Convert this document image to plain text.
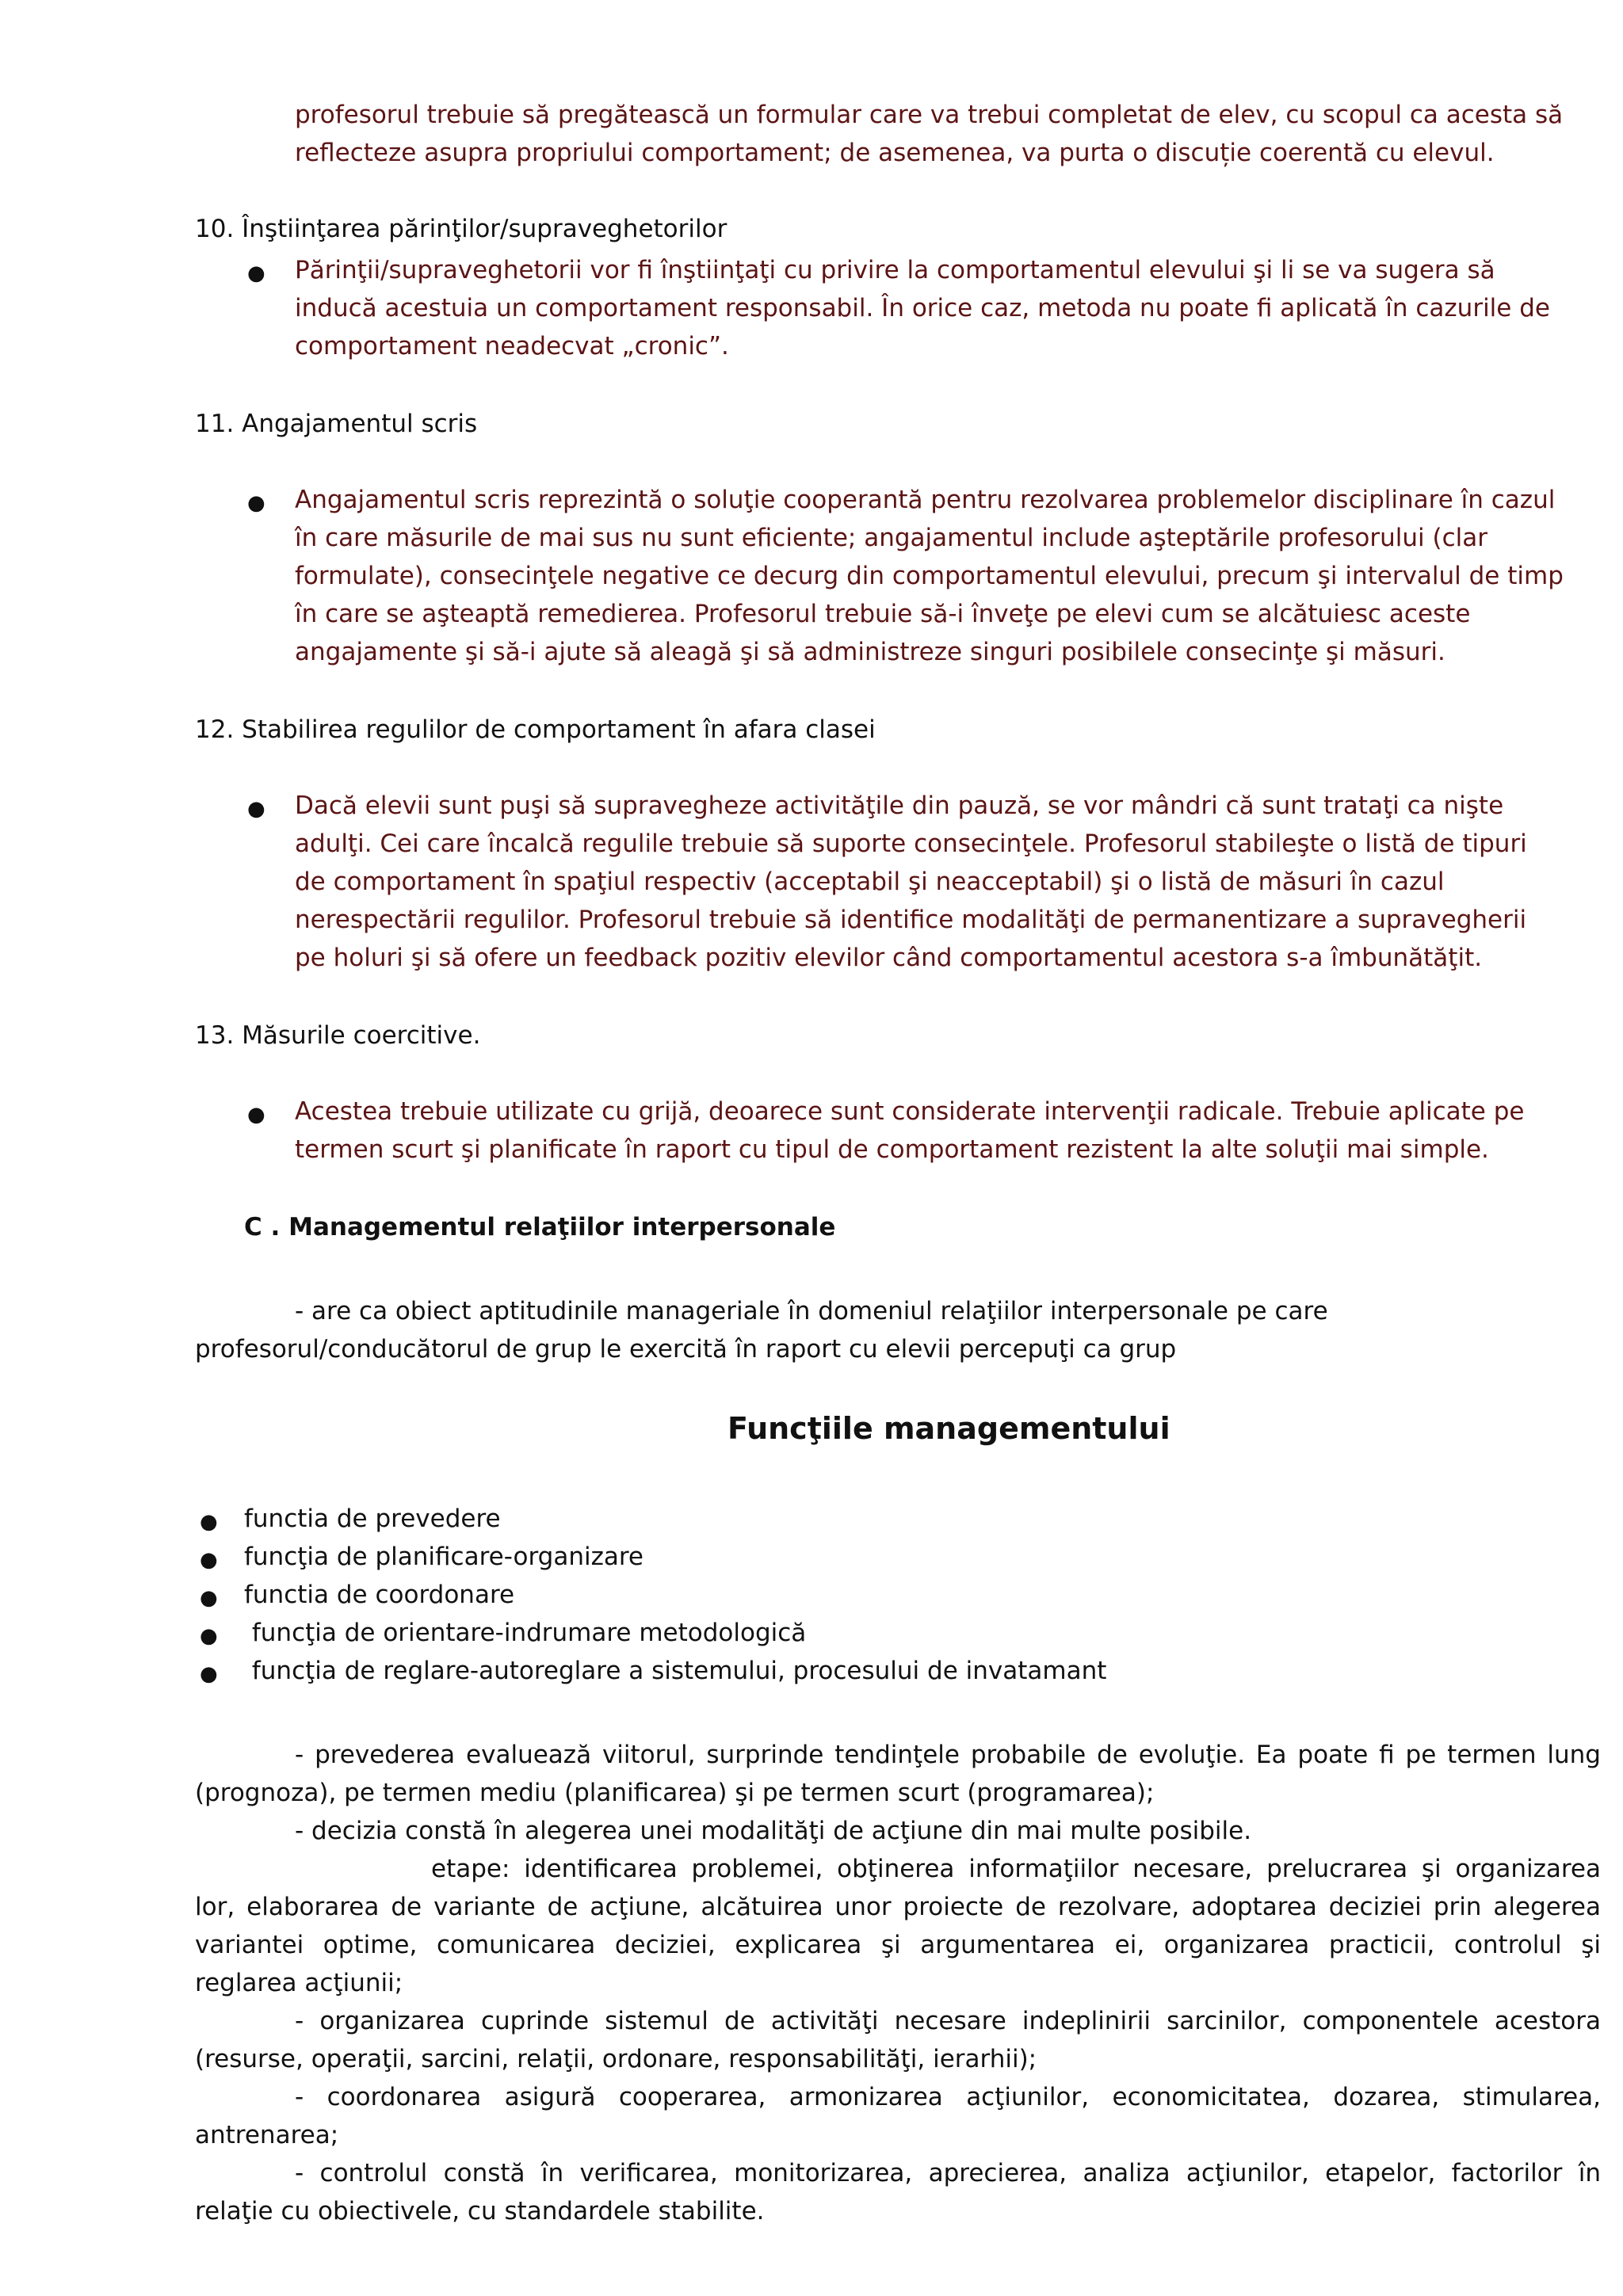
profesorul trebuie să pregătească un formular care va trebui completat de elev, cu scopul ca acesta să
reflecteze asupra propriului comportament; de asemenea, va purta o discuție coerentă cu elevul.
10. Înştiinţarea părinţilor/supraveghetorilor
● Părinţii/supraveghetorii vor fi înştiinţaţi cu privire la comportamentul elevului şi li se va sugera să
inducă acestuia un comportament responsabil. În orice caz, metoda nu poate fi aplicată în cazurile de
comportament neadecvat „cronic”.
11. Angajamentul scris
● Angajamentul scris reprezintă o soluţie cooperantă pentru rezolvarea problemelor disciplinare în cazul
în care măsurile de mai sus nu sunt eficiente; angajamentul include aşteptările profesorului (clar
formulate), consecinţele negative ce decurg din comportamentul elevului, precum şi intervalul de timp
în care se aşteaptă remedierea. Profesorul trebuie să-i înveţe pe elevi cum se alcătuiesc aceste
angajamente şi să-i ajute să aleagă şi să administreze singuri posibilele consecinţe şi măsuri.
12. Stabilirea regulilor de comportament în afara clasei
● Dacă elevii sunt puşi să supravegheze activităţile din pauză, se vor mândri că sunt trataţi ca nişte
adulţi. Cei care încalcă regulile trebuie să suporte consecinţele. Profesorul stabileşte o listă de tipuri
de comportament în spaţiul respectiv (acceptabil şi neacceptabil) şi o listă de măsuri în cazul
nerespectării regulilor. Profesorul trebuie să identifice modalităţi de permanentizare a supravegherii
pe holuri şi să ofere un feedback pozitiv elevilor când comportamentul acestora s-a îmbunătăţit.
13. Măsurile coercitive.
● Acestea trebuie utilizate cu grijă, deoarece sunt considerate intervenţii radicale. Trebuie aplicate pe
termen scurt şi planificate în raport cu tipul de comportament rezistent la alte soluţii mai simple.
C . Managementul relaţiilor interpersonale
- are ca obiect aptitudinile manageriale în domeniul relaţiilor interpersonale pe care
profesorul/conducătorul de grup le exercită în raport cu elevii percepuţi ca grup
Funcţiile managementului
● functia de prevedere
● funcţia de planificare-organizare
● functia de coordonare
● funcţia de orientare-indrumare metodologică
● funcţia de reglare-autoreglare a sistemului, procesului de invatamant
- prevederea evaluează viitorul, surprinde tendinţele probabile de evoluţie. Ea poate fi pe termen lung
(prognoza), pe termen mediu (planificarea) şi pe termen scurt (programarea);
- decizia constă în alegerea unei modalităţi de acţiune din mai multe posibile.
etape: identificarea problemei, obţinerea informaţiilor necesare, prelucrarea şi organizarea
lor, elaborarea de variante de acţiune, alcătuirea unor proiecte de rezolvare, adoptarea deciziei prin alegerea
variantei optime, comunicarea deciziei, explicarea şi argumentarea ei, organizarea practicii, controlul şi
reglarea acţiunii;
- organizarea cuprinde sistemul de activităţi necesare indeplinirii sarcinilor, componentele acestora
(resurse, operaţii, sarcini, relaţii, ordonare, responsabilităţi, ierarhii);
- coordonarea asigură cooperarea, armonizarea acţiunilor, economicitatea, dozarea, stimularea,
antrenarea;
- controlul constă în verificarea, monitorizarea, aprecierea, analiza acţiunilor, etapelor, factorilor în
relaţie cu obiectivele, cu standardele stabilite.
